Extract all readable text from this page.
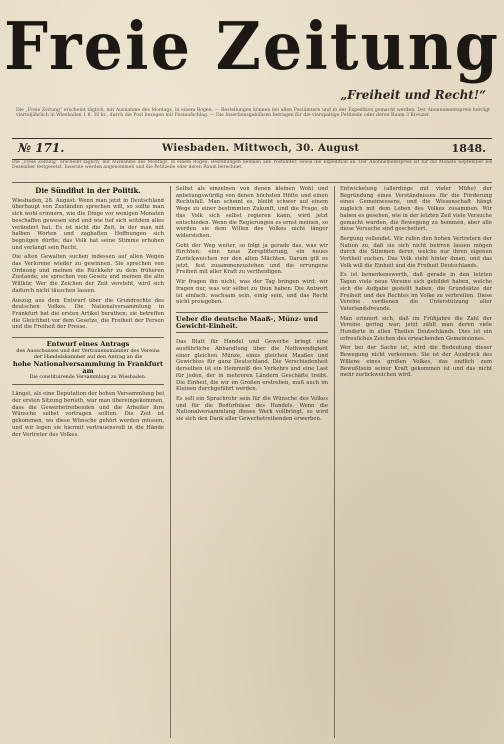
Freie Zeitung
„Freiheit und Recht!“
Die „Freie Zeitung“ erscheint täglich, mit Ausnahme des Montags, in einem Bogen. — Bestellungen können bei allen Postämtern und in der Expedition gemacht werden. Der Abonnementspreis beträgt vierteljährlich in Wiesbaden 1 fl. 30 kr., durch die Post bezogen mit Postaufschlag. — Die Insertionsgebühren betragen für die vierspaltige Petitzeile oder deren Raum 3 Kreuzer.
№ 171.	Wiesbaden. Mittwoch, 30. August	1848.
Die „Freie Zeitung“ erscheint täglich, mit Ausnahme des Montags, in einem Bogen. Bestellungen nehmen alle Postämter, sowie die Expedition an. Der Abonnementspreis ist für die Monate September bis Dezember festgesetzt. Inserate werden angenommen und die Petitzeile oder deren Raum berechnet.
Die Sündflut in der Politik.

Wiesbaden, 28. August. Wenn man jetzt in Deutschland überhaupt von Zuständen sprechen will, so sollte man sich wohl erinnern, wie die Dinge vor wenigen Monaten beschaffen gewesen sind und wie tief sich seitdem alles verändert hat. Es ist nicht die Zeit, in der man mit halben Worten und zaghaften Hoffnungen sich begnügen dürfte; das Volk hat seine Stimme erhoben und verlangt sein Recht.

Die alten Gewalten suchen indessen auf allen Wegen das Verlorene wieder zu gewinnen. Sie sprechen von Ordnung und meinen die Rückkehr zu dem früheren Zustande; sie sprechen von Gesetz und meinen die alte Willkür. Wer die Zeichen der Zeit versteht, wird sich dadurch nicht täuschen lassen.

Auszug aus dem Entwurf über die Grundrechte des deutschen Volkes. Die Nationalversammlung in Frankfurt hat die ersten Artikel berathen; sie betreffen die Gleichheit vor dem Gesetze, die Freiheit der Person und die Freiheit der Presse.

Entwurf eines Antrags
des Ausschusses und der Vertrauensmänner des Vereins der Handelskammer auf den Antrag an die
hohe Nationalversammlung in Frankfurt am
Die constituirende Versammlung zu Wiesbaden.

Längst, als eine Deputation der hohen Versammlung bei der ersten Sitzung berieth, war man übereingekommen, dass die Gewerbetreibenden und die Arbeiter ihre Wünsche selbst vortragen sollten. Die Zeit ist gekommen, wo diese Wünsche gehört werden müssen, und wir legen sie hiermit vertrauensvoll in die Hände der Vertreter des Volkes.

Selbst als einzelnen von denen kleinen Wohl und anbetungswürdig von denen höchsten Hütte und einen Rechtsfall. Man scheint es, bleibt schwer auf einem Wege zu einer bestimmten Zukunft, und die Frage, ob das Volk sich selbst regieren kann, wird jetzt entschieden. Wenn die Regierungen es ernst meinen, so werden sie dem Willen des Volkes nicht länger widerstehen.

Geht der Weg weiter, so folgt ja gerade das, was wir fürchten: eine neue Zersplitterung, ein neues Zurückweichen vor den alten Mächten. Darum gilt es jetzt, fest zusammenzustehen und die errungene Freiheit mit aller Kraft zu vertheidigen.

Wir fragen ihn nicht, was der Tag bringen wird; wir fragen nur, was wir selbst zu thun haben. Die Antwort ist einfach: wachsam sein, einig sein, und das Recht nicht preisgeben.

Ueber die deutsche Maaß-, Münz- und Gewicht-Einheit.

Das Blatt für Handel und Gewerbe bringt eine ausführliche Abhandlung über die Nothwendigkeit einer gleichen Münze, eines gleichen Maaßes und Gewichtes für ganz Deutschland. Die Verschiedenheit derselben ist ein Hemmniß des Verkehrs und eine Last für jeden, der in mehreren Ländern Geschäfte treibt. Die Einheit, die wir im Großen erstreben, muß auch im Kleinen durchgeführt werden.

Es soll ein Sprachrohr sein für die Wünsche des Volkes und für die Bedürfnisse des Handels. Wenn die Nationalversammlung dieses Werk vollbringt, so wird sie sich den Dank aller Gewerbetreibenden erwerben.

Entwickelung (allerdings mit vieler Mühe) der Begründung eines Verständnisses für die Förderung eines Gemeinwesens, und die Wissenschaft hängt zugleich mit dem Leben des Volkes zusammen. Wir haben es gesehen, wie in der letzten Zeit viele Versuche gemacht wurden, die Bewegung zu hemmen, aber alle diese Versuche sind gescheitert.

Bergung vollendet. Wir rufen den hohen Vertretern der Nation zu, daß sie sich nicht beirren lassen mögen durch die Stimmen derer, welche nur ihren eigenen Vortheil suchen. Das Volk steht hinter ihnen, und das Volk will die Einheit und die Freiheit Deutschlands.

Es ist bemerkenswerth, daß gerade in den letzten Tagen viele neue Vereine sich gebildet haben, welche sich die Aufgabe gestellt haben, die Grundsätze der Freiheit und des Rechtes im Volke zu verbreiten. Diese Vereine verdienen die Unterstützung aller Vaterlandsfreunde.

Man erinnert sich, daß im Frühjahre die Zahl der Vereine gering war; jetzt zählt man deren viele Hunderte in allen Theilen Deutschlands. Dies ist ein erfreuliches Zeichen des erwachenden Gemeinsinnes.

Wer bei der Sache ist, wird die Bedeutung dieser Bewegung nicht verkennen. Sie ist der Ausdruck des Willens eines großen Volkes, das endlich zum Bewußtsein seiner Kraft gekommen ist und das nicht mehr zurückweichen wird.
